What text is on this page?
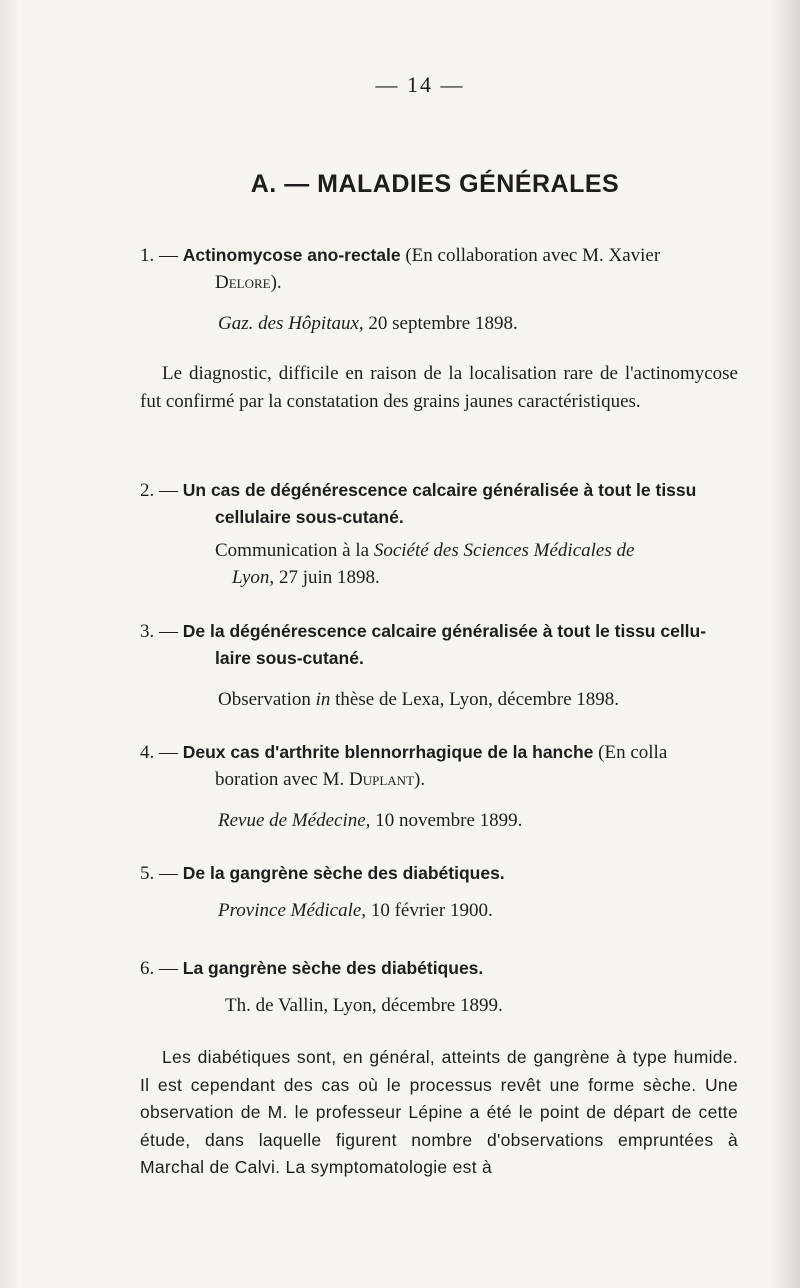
— 14 —
A. — MALADIES GÉNÉRALES
1. — Actinomycose ano-rectale (En collaboration avec M. Xavier
Delore).
Gaz. des Hôpitaux, 20 septembre 1898.
Le diagnostic, difficile en raison de la localisation rare de l'actinomycose fut confirmé par la constatation des grains jaunes caractéristiques.
2. — Un cas de dégénérescence calcaire généralisée à tout le tissu
cellulaire sous-cutané.
Communication à la Société des Sciences Médicales de
Lyon, 27 juin 1898.
3. — De la dégénérescence calcaire généralisée à tout le tissu cellu-
laire sous-cutané.
Observation in thèse de Lexa, Lyon, décembre 1898.
4. — Deux cas d'arthrite blennorrhagique de la hanche (En colla
boration avec M. Duplant).
Revue de Médecine, 10 novembre 1899.
5. — De la gangrène sèche des diabétiques.
Province Médicale, 10 février 1900.
6. — La gangrène sèche des diabétiques.
Th. de Vallin, Lyon, décembre 1899.
Les diabétiques sont, en général, atteints de gangrène à type humide. Il est cependant des cas où le processus revêt une forme sèche. Une observation de M. le professeur Lépine a été le point de départ de cette étude, dans laquelle figurent nombre d'observations empruntées à Marchal de Calvi. La symptomatologie est à
